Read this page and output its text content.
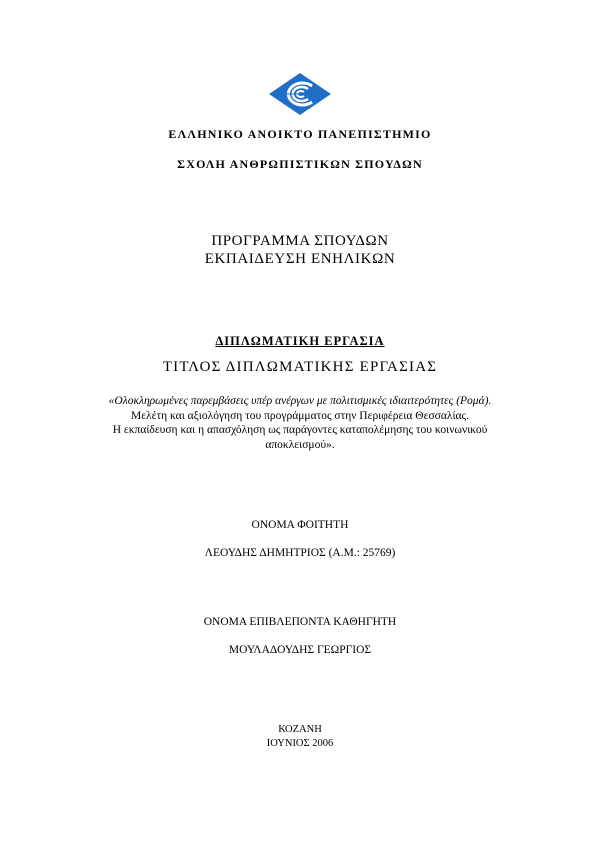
ΕΛΛΗΝΙΚΟ ΑΝΟΙΚΤΟ ΠΑΝΕΠΙΣΤΗΜΙΟ
ΣΧΟΛΗ ΑΝΘΡΩΠΙΣΤΙΚΩΝ ΣΠΟΥΔΩΝ
ΠΡΟΓΡΑΜΜΑ ΣΠΟΥΔΩΝ
ΕΚΠΑΙΔΕΥΣΗ ΕΝΗΛΙΚΩΝ
ΔΙΠΛΩΜΑΤΙΚΗ ΕΡΓΑΣΙΑ
ΤΙΤΛΟΣ ΔΙΠΛΩΜΑΤΙΚΗΣ ΕΡΓΑΣΙΑΣ
«Ολοκληρωμένες παρεμβάσεις υπέρ ανέργων με πολιτισμικές ιδιαιτερότητες (Ρομά).
Μελέτη και αξιολόγηση του προγράμματος στην Περιφέρεια Θεσσαλίας.
Η εκπαίδευση και η απασχόληση ως παράγοντες καταπολέμησης του κοινωνικού
αποκλεισμού».
ΟΝΟΜΑ ΦΟΙΤΗΤΗ
ΛΕΟΥΔΗΣ ΔΗΜΗΤΡΙΟΣ (Α.Μ.: 25769)
ΟΝΟΜΑ ΕΠΙΒΛΕΠΟΝΤΑ ΚΑΘΗΓΗΤΗ
ΜΟΥΛΑΔΟΥΔΗΣ ΓΕΩΡΓΙΟΣ
ΚΟΖΑΝΗ
ΙΟΥΝΙΟΣ 2006
